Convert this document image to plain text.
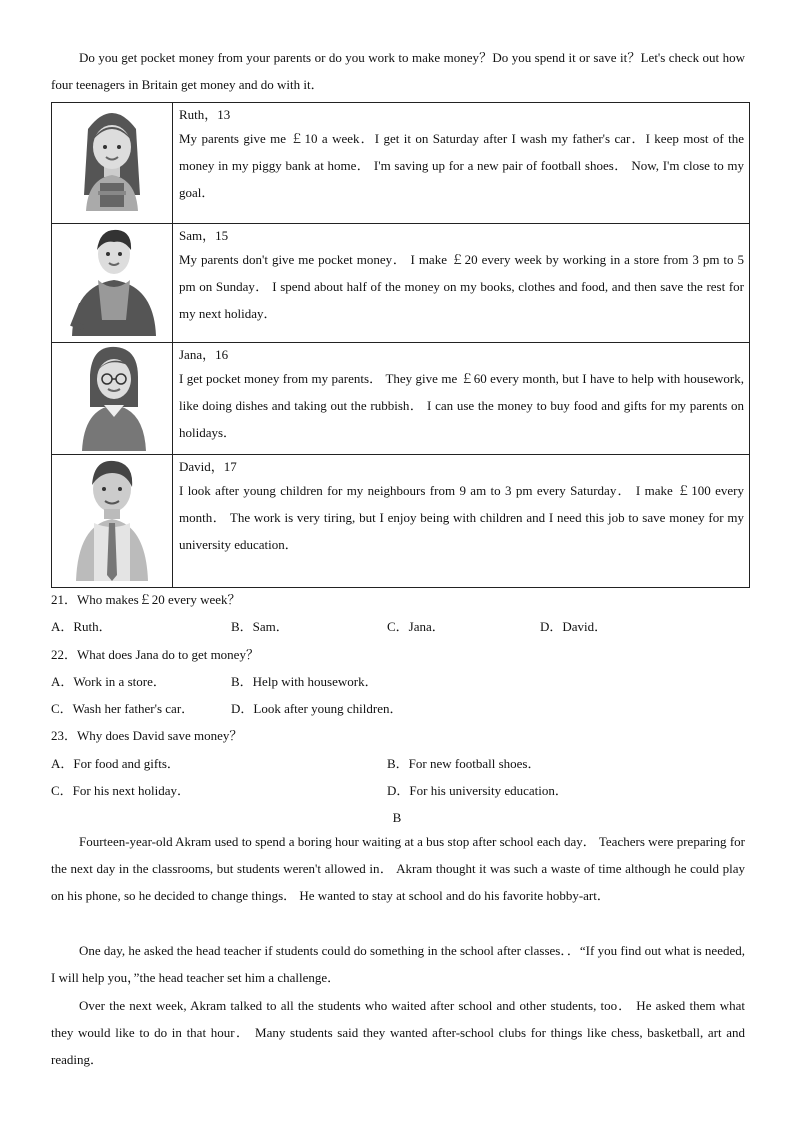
Do you get pocket money from your parents or do you work to make money？Do you spend it or save it？Let's check out how four teenagers in Britain get money and do with it．

Ruth，13
My parents give me ￡10 a week．I get it on Saturday after I wash my father's car．I keep most of the money in my piggy bank at home． I'm saving up for a new pair of football shoes． Now, I'm close to my goal．

Sam，15
My parents don't give me pocket money． I make ￡20 every week by working in a store from 3 pm to 5 pm on Sunday． I spend about half of the money on my books, clothes and food, and then save the rest for my next holiday．

Jana，16
I get pocket money from my parents． They give me ￡60 every month, but I have to help with housework, like doing dishes and taking out the rubbish． I can use the money to buy food and gifts for my parents on holidays．

David，17
I look after young children for my neighbours from 9 am to 3 pm every Saturday． I make ￡100 every month． The work is very tiring, but I enjoy being with children and I need this job to save money for my university education．
21．Who makes￡20 every week？
A．Ruth．	B．Sam．	C．Jana．	D．David．
22．What does Jana do to get money？
A．Work in a store．	B．Help with housework．
C．Wash her father's car．	D．Look after young children．
23．Why does David save money？
A．For food and gifts．	B．For new football shoes．
C．For his next holiday．	D．For his university education．
B
Fourteen-year-old Akram used to spend a boring hour waiting at a bus stop after school each day． Teachers were preparing for the next day in the classrooms, but students weren't allowed in． Akram thought it was such a waste of time although he could play on his phone, so he decided to change things． He wanted to stay at school and do his favorite hobby-art．
One day, he asked the head teacher if students could do something in the school after classes．．“If you find out what is needed, I will help you，”the head teacher set him a challenge．
Over the next week, Akram talked to all the students who waited after school and other students, too． He asked them what they would like to do in that hour． Many students said they wanted after-school clubs for things like chess, basketball, art and reading．
